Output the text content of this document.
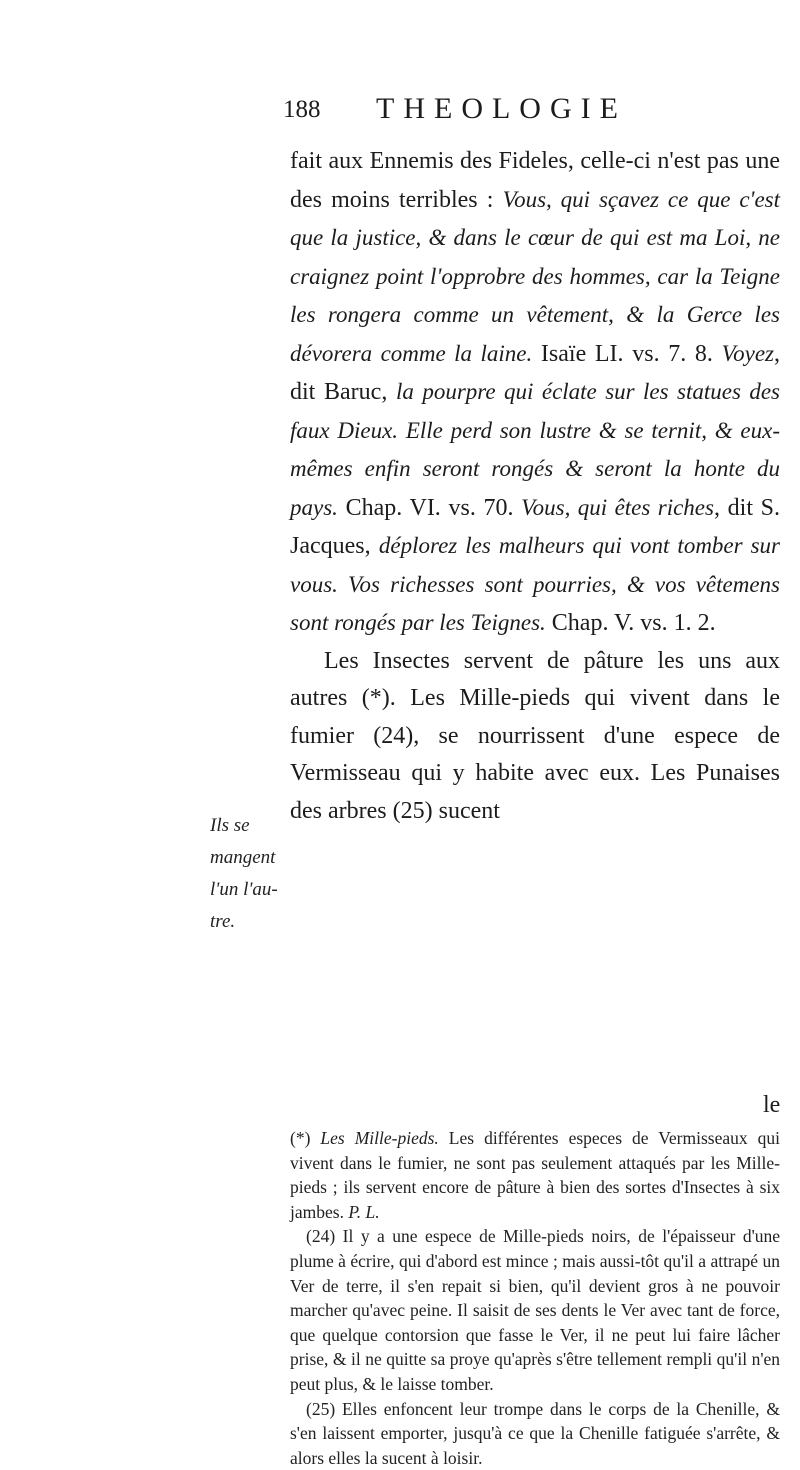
188 THEOLOGIE

fait aux Ennemis des Fideles, celle-ci n'est pas une des moins terribles : Vous, qui sçavez ce que c'est que la justice, & dans le cœur de qui est ma Loi, ne craignez point l'opprobre des hommes, car la Teigne les rongera comme un vêtement, & la Gerce les dévorera comme la laine. Isaïe LI. vs. 7. 8. Voyez, dit Baruc, la pourpre qui éclate sur les statues des faux Dieux. Elle perd son lustre & se ternit, & eux-mêmes enfin seront rongés & seront la honte du pays. Chap. VI. vs. 70. Vous, qui êtes riches, dit S. Jacques, déplorez les malheurs qui vont tomber sur vous. Vos richesses sont pourries, & vos vêtemens sont rongés par les Teignes. Chap. V. vs. 1. 2.

Les Insectes servent de pâture les uns aux autres (*). Les Mille-pieds qui vivent dans le fumier (24), se nourrissent d'une espece de Vermisseau qui y habite avec eux. Les Punaises des arbres (25) sucent

le
Ils se
mangent
l'un l'au-
tre.

(*) Les Mille-pieds. Les différentes especes de Vermisseaux qui vivent dans le fumier, ne sont pas seulement attaqués par les Mille-pieds ; ils servent encore de pâture à bien des sortes d'Insectes à six jambes. P. L.

(24) Il y a une espece de Mille-pieds noirs, de l'épaisseur d'une plume à écrire, qui d'abord est mince ; mais aussi-tôt qu'il a attrapé un Ver de terre, il s'en repait si bien, qu'il devient gros à ne pouvoir marcher qu'avec peine. Il saisit de ses dents le Ver avec tant de force, que quelque contorsion que fasse le Ver, il ne peut lui faire lâcher prise, & il ne quitte sa proye qu'après s'être tellement rempli qu'il n'en peut plus, & le laisse tomber.

(25) Elles enfoncent leur trompe dans le corps de la Chenille, & s'en laissent emporter, jusqu'à ce que la Chenille fatiguée s'arrête, & alors elles la sucent à loisir.
